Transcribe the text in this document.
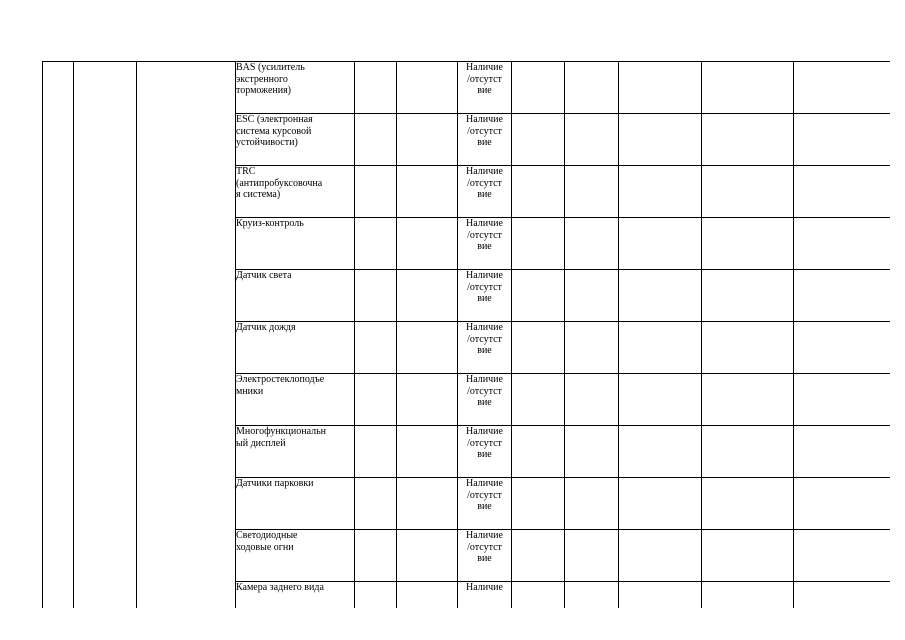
			BAS (усилитель
экстренного
торможения)			Наличие
/отсутст
вие					
			ESC (электронная
система курсовой
устойчивости)			Наличие
/отсутст
вие					
			TRC
(антипробуксовочна
я система)			Наличие
/отсутст
вие					
			Круиз-контроль			Наличие
/отсутст
вие					
			Датчик света			Наличие
/отсутст
вие					
			Датчик дождя			Наличие
/отсутст
вие					
			Электростеклоподъе
мники			Наличие
/отсутст
вие					
			Многофункциональн
ый дисплей			Наличие
/отсутст
вие					
			Датчики парковки			Наличие
/отсутст
вие					
			Светодиодные
ходовые огни			Наличие
/отсутст
вие					
			Камера заднего вида			Наличие					
